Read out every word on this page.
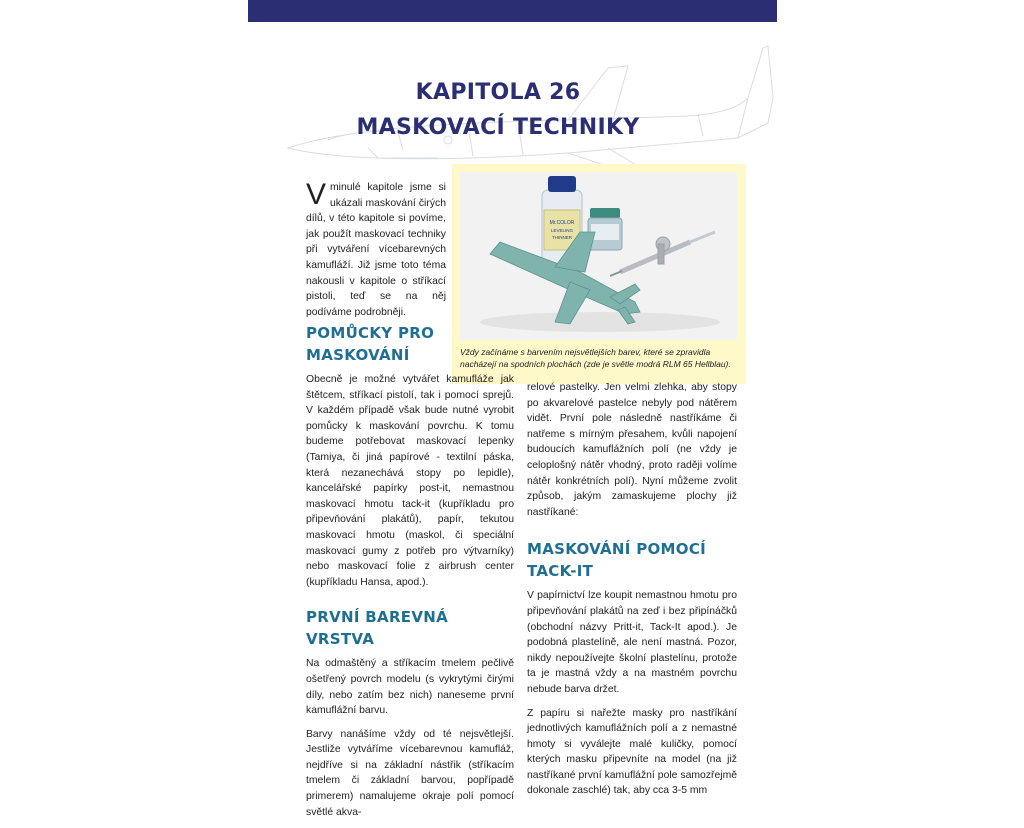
KAPITOLA 26
MASKOVACÍ TECHNIKY
Mr.COLOR
LEVELING
THINNER

Vždy začínáme s barvením nejsvětlejších barev, které se zpravidla nacházejí na spodních plochách (zde je světle modrá RLM 65 Hellblau).

V minulé kapitole jsme si ukázali maskování čirých dílů, v této kapitole si povíme, jak použít maskovací techniky při vytváření vícebarevných kamufláží. Již jsme toto téma nakousli v kapitole o stříkací pistoli, teď se na něj podíváme podrobněji.
POMŮCKY PRO MASKOVÁNÍ

Obecně je možné vytvářet kamufláže jak štětcem, stříkací pistolí, tak i pomocí sprejů. V každém případě však bude nutné vyrobit pomůcky k maskování povrchu. K tomu budeme potřebovat maskovací lepenky (Tamiya, či jiná papírové - textilní páska, která nezanechává stopy po lepidle), kancelářské papírky post-it, nemastnou maskovací hmotu tack-it (kupříkladu pro připevňování plakátů), papír, tekutou maskovací hmotu (maskol, či speciální maskovací gumy z potřeb pro výtvarníky) nebo maskovací folie z airbrush center (kupříkladu Hansa, apod.).

PRVNÍ BAREVNÁ VRSTVA

Na odmaštěný a stříkacím tmelem pečlivě ošetřený povrch modelu (s vykrytými čirými díly, nebo zatím bez nich) naneseme první kamuflážní barvu.

Barvy nanášíme vždy od té nejsvětlejší. Jestliže vytváříme vícebarevnou kamufláž, nejdříve si na základní nástřik (stříkacím tmelem či základní barvou, popřípadě primerem) namalujeme okraje polí pomocí světlé akva-

relové pastelky. Jen velmi zlehka, aby stopy po akvarelové pastelce nebyly pod nátěrem vidět. První pole následně nastříkáme či natřeme s mírným přesahem, kvůli napojení budoucích kamuflážních polí (ne vždy je celoplošný nátěr vhodný, proto raději volíme nátěr konkrétních polí). Nyní můžeme zvolit způsob, jakým zamaskujeme plochy již nastříkané:

MASKOVÁNÍ POMOCÍ TACK-IT

V papírnictví lze koupit nemastnou hmotu pro připevňování plakátů na zeď i bez připínáčků (obchodní názvy Pritt-it, Tack-It apod.). Je podobná plastelíně, ale není mastná. Pozor, nikdy nepoužívejte školní plastelínu, protože ta je mastná vždy a na mastném povrchu nebude barva držet.

Z papíru si nařežte masky pro nastříkání jednotlivých kamuflážních polí a z nemastné hmoty si vyválejte malé kuličky, pomocí kterých masku připevníte na model (na již nastříkané první kamuflážní pole samozřejmě dokonale zaschlé) tak, aby cca 3-5 mm
